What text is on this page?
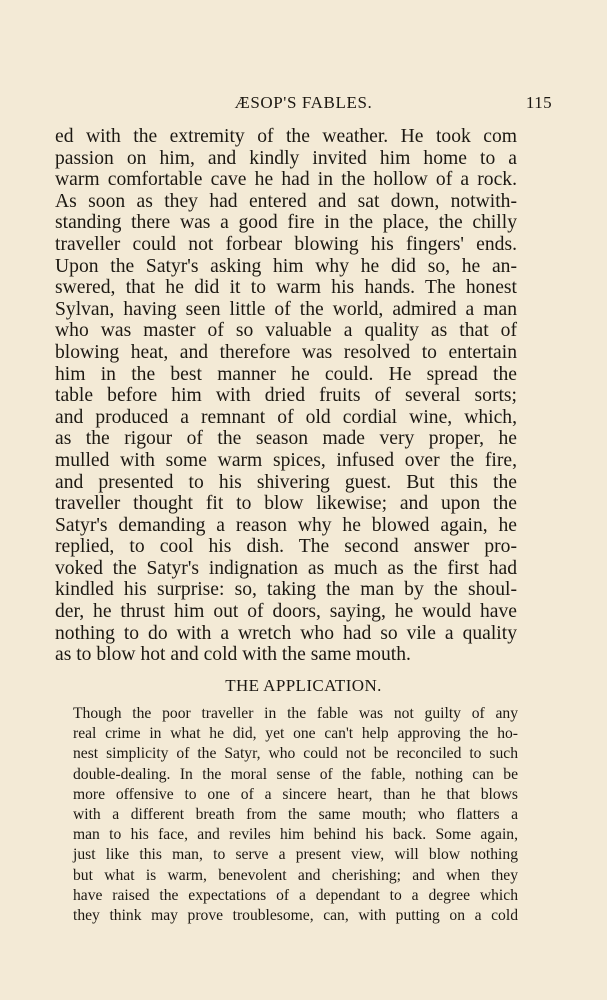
ÆSOP'S FABLES.	115
ed with the extremity of the weather. He took com
passion on him, and kindly invited him home to a
warm comfortable cave he had in the hollow of a rock.
As soon as they had entered and sat down, notwith-
standing there was a good fire in the place, the chilly
traveller could not forbear blowing his fingers' ends.
Upon the Satyr's asking him why he did so, he an-
swered, that he did it to warm his hands. The honest
Sylvan, having seen little of the world, admired a man
who was master of so valuable a quality as that of
blowing heat, and therefore was resolved to entertain
him in the best manner he could. He spread the
table before him with dried fruits of several sorts;
and produced a remnant of old cordial wine, which,
as the rigour of the season made very proper, he
mulled with some warm spices, infused over the fire,
and presented to his shivering guest. But this the
traveller thought fit to blow likewise; and upon the
Satyr's demanding a reason why he blowed again, he
replied, to cool his dish. The second answer pro-
voked the Satyr's indignation as much as the first had
kindled his surprise: so, taking the man by the shoul-
der, he thrust him out of doors, saying, he would have
nothing to do with a wretch who had so vile a quality
as to blow hot and cold with the same mouth.
THE APPLICATION.
Though the poor traveller in the fable was not guilty of any
real crime in what he did, yet one can't help approving the ho-
nest simplicity of the Satyr, who could not be reconciled to such
double-dealing. In the moral sense of the fable, nothing can be
more offensive to one of a sincere heart, than he that blows
with a different breath from the same mouth; who flatters a
man to his face, and reviles him behind his back. Some again,
just like this man, to serve a present view, will blow nothing
but what is warm, benevolent and cherishing; and when they
have raised the expectations of a dependant to a degree which
they think may prove troublesome, can, with putting on a cold
